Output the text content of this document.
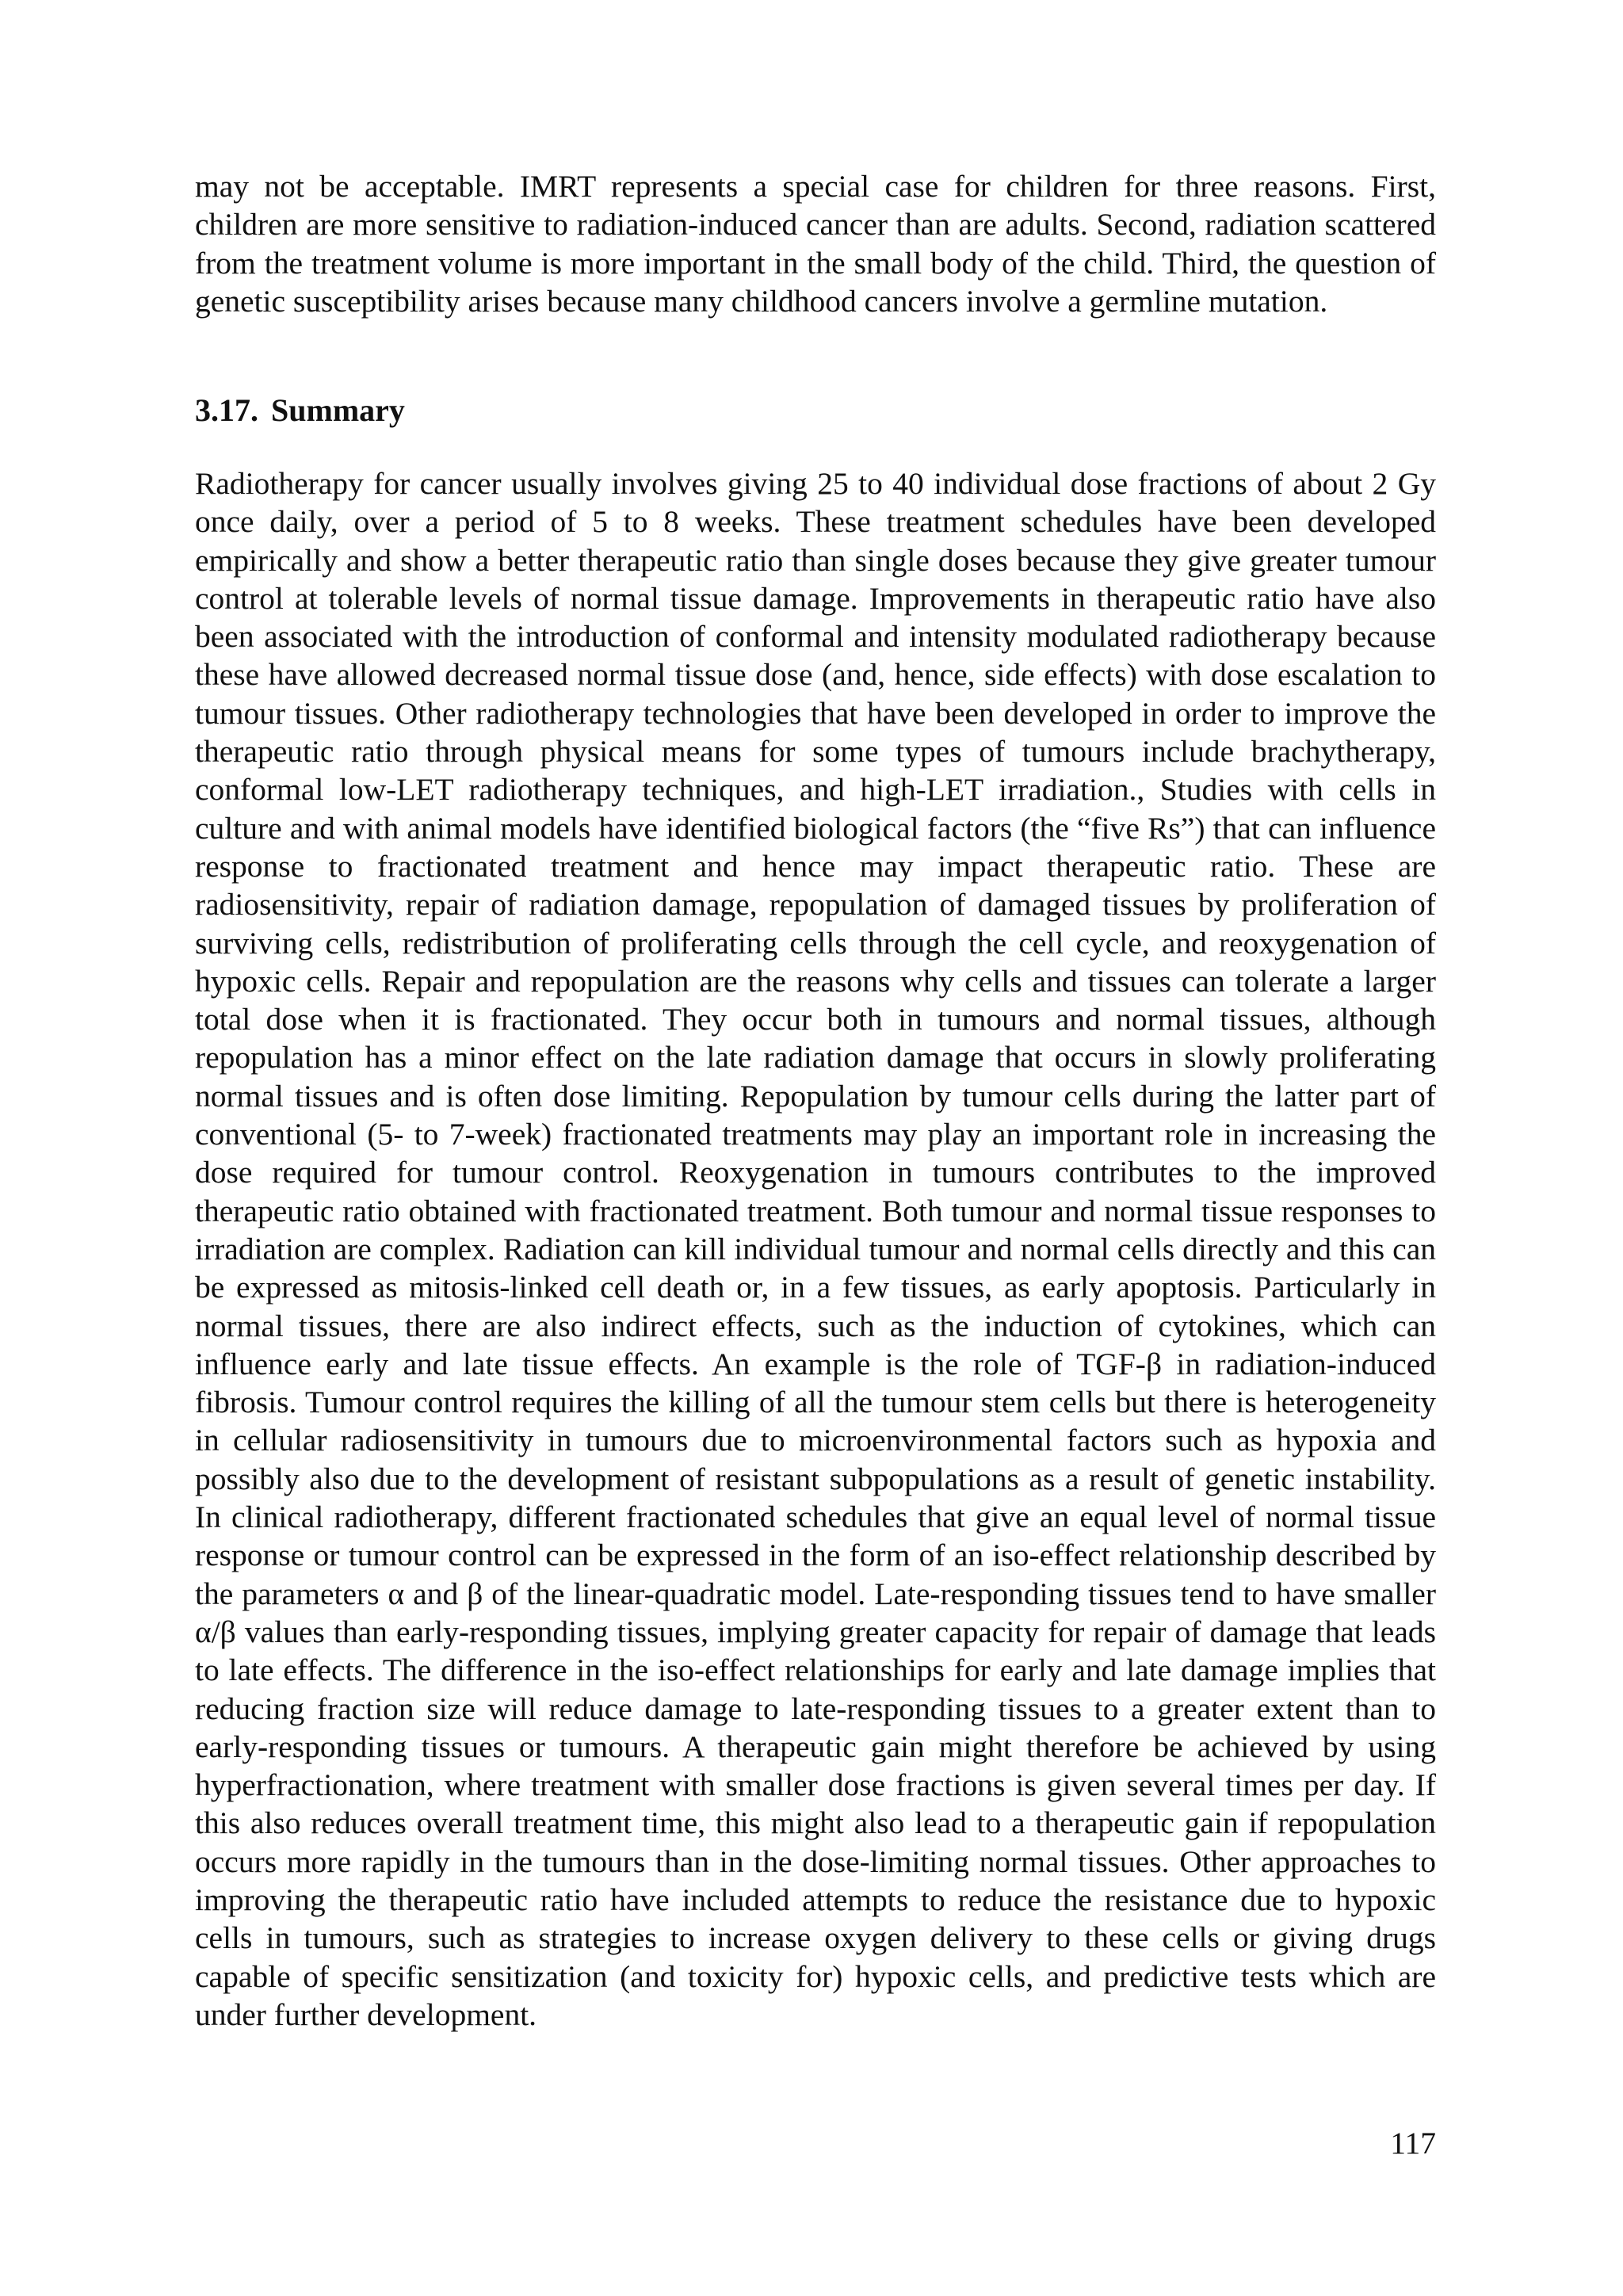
may not be acceptable. IMRT represents a special case for children for three reasons. First, children are more sensitive to radiation-induced cancer than are adults. Second, radiation scattered from the treatment volume is more important in the small body of the child. Third, the question of genetic susceptibility arises because many childhood cancers involve a germline mutation.

3.17. Summary

Radiotherapy for cancer usually involves giving 25 to 40 individual dose fractions of about 2 Gy once daily, over a period of 5 to 8 weeks. These treatment schedules have been developed empirically and show a better therapeutic ratio than single doses because they give greater tumour control at tolerable levels of normal tissue damage. Improvements in therapeutic ratio have also been associated with the introduction of conformal and intensity modulated radiotherapy because these have allowed decreased normal tissue dose (and, hence, side effects) with dose escalation to tumour tissues. Other radiotherapy technologies that have been developed in order to improve the therapeutic ratio through physical means for some types of tumours include brachytherapy, conformal low-LET radiotherapy techniques, and high-LET irradiation., Studies with cells in culture and with animal models have identified biological factors (the “five Rs”) that can influence response to fractionated treatment and hence may impact therapeutic ratio. These are radiosensitivity, repair of radiation damage, repopulation of damaged tissues by proliferation of surviving cells, redistribution of proliferating cells through the cell cycle, and reoxygenation of hypoxic cells. Repair and repopulation are the reasons why cells and tissues can tolerate a larger total dose when it is fractionated. They occur both in tumours and normal tissues, although repopulation has a minor effect on the late radiation damage that occurs in slowly proliferating normal tissues and is often dose limiting. Repopulation by tumour cells during the latter part of conventional (5- to 7-week) fractionated treatments may play an important role in increasing the dose required for tumour control. Reoxygenation in tumours contributes to the improved therapeutic ratio obtained with fractionated treatment. Both tumour and normal tissue responses to irradiation are complex. Radiation can kill individual tumour and normal cells directly and this can be expressed as mitosis-linked cell death or, in a few tissues, as early apoptosis. Particularly in normal tissues, there are also indirect effects, such as the induction of cytokines, which can influence early and late tissue effects. An example is the role of TGF-β in radiation-induced fibrosis. Tumour control requires the killing of all the tumour stem cells but there is heterogeneity in cellular radiosensitivity in tumours due to microenvironmental factors such as hypoxia and possibly also due to the development of resistant subpopulations as a result of genetic instability. In clinical radiotherapy, different fractionated schedules that give an equal level of normal tissue response or tumour control can be expressed in the form of an iso-effect relationship described by the parameters α and β of the linear-quadratic model. Late-responding tissues tend to have smaller α/β values than early-responding tissues, implying greater capacity for repair of damage that leads to late effects. The difference in the iso-effect relationships for early and late damage implies that reducing fraction size will reduce damage to late-responding tissues to a greater extent than to early-responding tissues or tumours. A therapeutic gain might therefore be achieved by using hyperfractionation, where treatment with smaller dose fractions is given several times per day. If this also reduces overall treatment time, this might also lead to a therapeutic gain if repopulation occurs more rapidly in the tumours than in the dose-limiting normal tissues. Other approaches to improving the therapeutic ratio have included attempts to reduce the resistance due to hypoxic cells in tumours, such as strategies to increase oxygen delivery to these cells or giving drugs capable of specific sensitization (and toxicity for) hypoxic cells, and predictive tests which are under further development.

117
